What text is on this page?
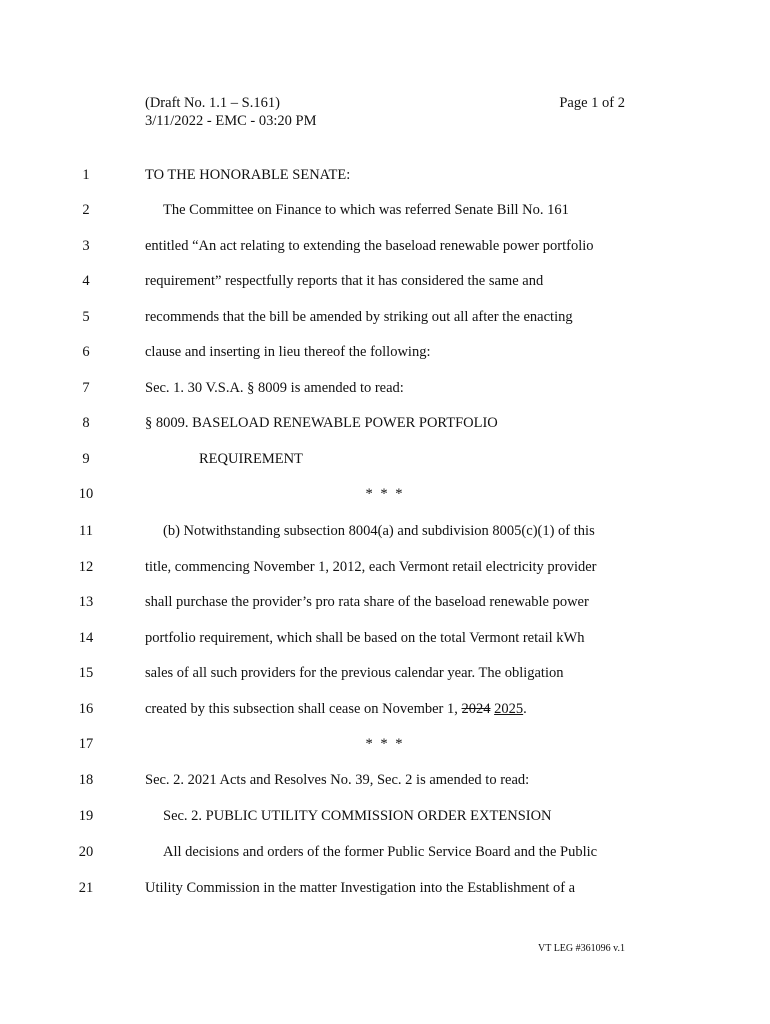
(Draft No. 1.1 – S.161)
3/11/2022 - EMC - 03:20 PM
Page 1 of 2
1	TO THE HONORABLE SENATE:
2	The Committee on Finance to which was referred Senate Bill No. 161
3	entitled “An act relating to extending the baseload renewable power portfolio
4	requirement” respectfully reports that it has considered the same and
5	recommends that the bill be amended by striking out all after the enacting
6	clause and inserting in lieu thereof the following:
7	Sec. 1. 30 V.S.A. § 8009 is amended to read:
8	§ 8009. BASELOAD RENEWABLE POWER PORTFOLIO
9	REQUIREMENT
10	* * *
11	(b) Notwithstanding subsection 8004(a) and subdivision 8005(c)(1) of this
12	title, commencing November 1, 2012, each Vermont retail electricity provider
13	shall purchase the provider’s pro rata share of the baseload renewable power
14	portfolio requirement, which shall be based on the total Vermont retail kWh
15	sales of all such providers for the previous calendar year. The obligation
16	created by this subsection shall cease on November 1, 2024 2025.
17	* * *
18	Sec. 2. 2021 Acts and Resolves No. 39, Sec. 2 is amended to read:
19	Sec. 2. PUBLIC UTILITY COMMISSION ORDER EXTENSION
20	All decisions and orders of the former Public Service Board and the Public
21	Utility Commission in the matter Investigation into the Establishment of a
VT LEG #361096 v.1
